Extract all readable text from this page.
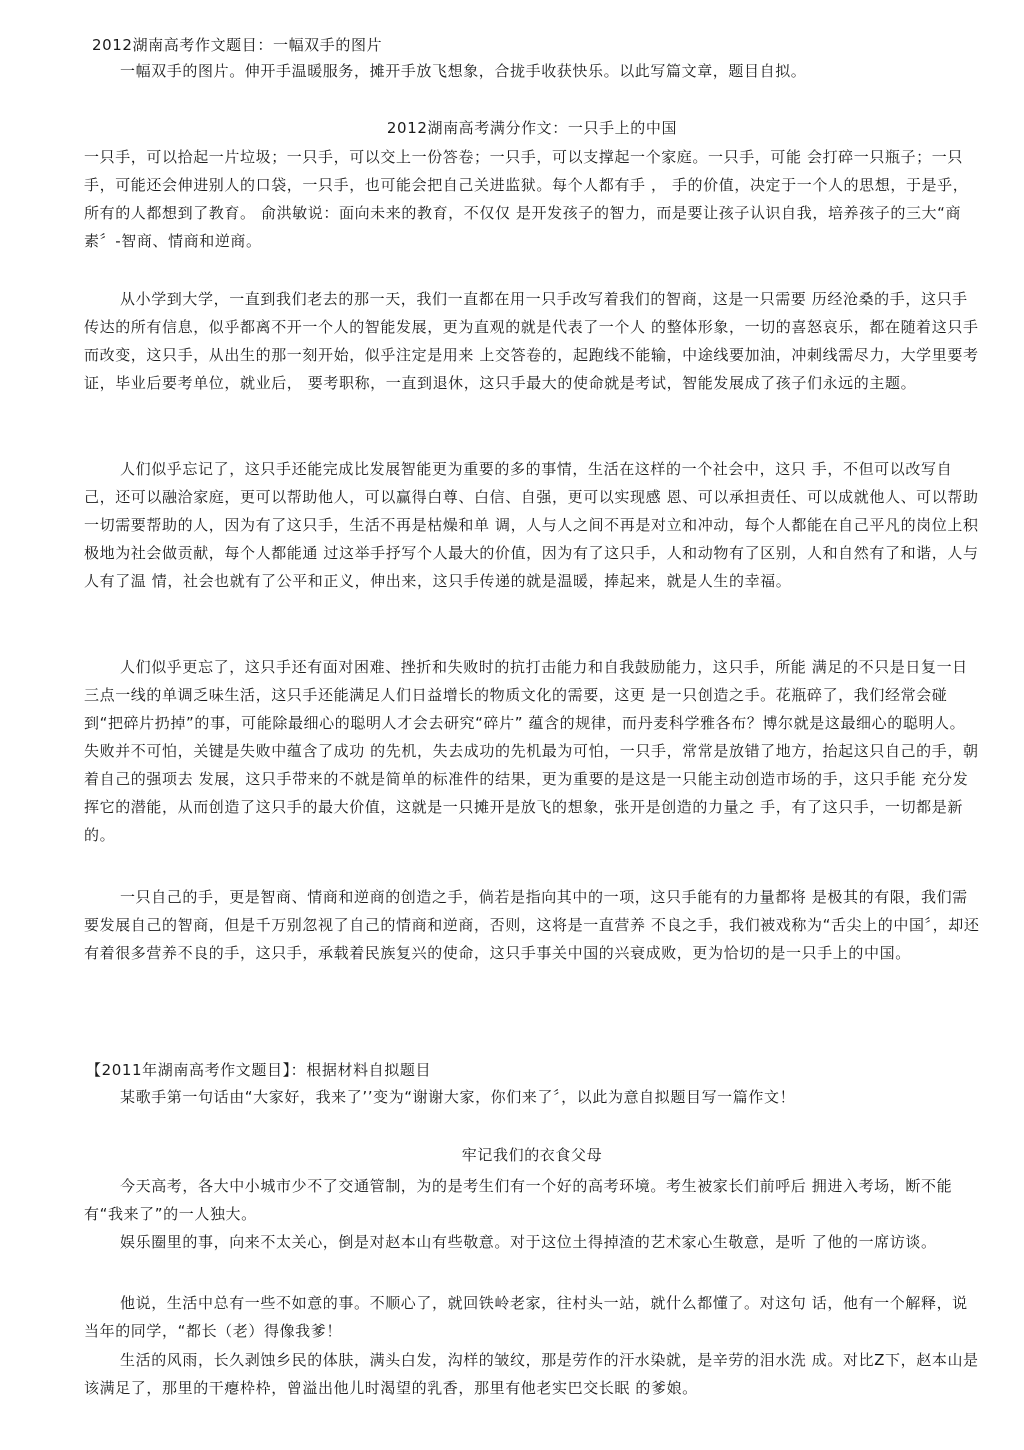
2012湖南高考作文题目：一幅双手的图片

一幅双手的图片。伸开手温暖服务，摊开手放飞想象，合拢手收获快乐。以此写篇文章，题目自拟。

2012湖南高考满分作文：一只手上的中国

一只手，可以拾起一片垃圾；一只手，可以交上一份答卷；一只手，可以支撑起一个家庭。一只手，可能 会打碎一只瓶子；一只手，可能还会伸进别人的口袋，一只手，也可能会把自己关进监狱。每个人都有手 ， 手的价值，决定于一个人的思想，于是乎，所有的人都想到了教育。 俞洪敏说：面向未来的教育，不仅仅 是开发孩子的智力，而是要让孩子认识自我，培养孩子的三大“商素〞-智商、情商和逆商。

从小学到大学，一直到我们老去的那一天，我们一直都在用一只手改写着我们的智商，这是一只需要 历经沧桑的手，这只手传达的所有信息，似乎都离不开一个人的智能发展，更为直观的就是代表了一个人 的整体形象，一切的喜怒哀乐，都在随着这只手而改变，这只手，从出生的那一刻开始，似乎注定是用来 上交答卷的，起跑线不能输，中途线要加油，冲刺线需尽力，大学里要考证，毕业后要考单位，就业后， 要考职称，一直到退休，这只手最大的使命就是考试，智能发展成了孩子们永远的主题。

人们似乎忘记了，这只手还能完成比发展智能更为重要的多的事情，生活在这样的一个社会中，这只 手，不但可以改写自己，还可以融洽家庭，更可以帮助他人，可以赢得白尊、白信、自强，更可以实现感 恩、可以承担责任、可以成就他人、可以帮助一切需要帮助的人，因为有了这只手，生活不再是枯燥和单 调，人与人之间不再是对立和冲动，每个人都能在自己平凡的岗位上积极地为社会做贡献，每个人都能通 过这举手抒写个人最大的价值，因为有了这只手，人和动物有了区别，人和自然有了和谐，人与人有了温 情，社会也就有了公平和正义，伸出来，这只手传递的就是温暖，捧起来，就是人生的幸福。

人们似乎更忘了，这只手还有面对困难、挫折和失败时的抗打击能力和自我鼓励能力，这只手，所能 满足的不只是日复一日三点一线的单调乏味生活，这只手还能满足人们日益增长的物质文化的需要，这更 是一只创造之手。花瓶碎了，我们经常会碰到“把碎片扔掉”的事，可能除最细心的聪明人才会去研究“碎片” 蕴含的规律，而丹麦科学雅各布？博尔就是这最细心的聪明人。失败并不可怕，关键是失败中蕴含了成功 的先机，失去成功的先机最为可怕，一只手，常常是放错了地方，抬起这只自己的手，朝着自己的强项去 发展，这只手带来的不就是简单的标准件的结果，更为重要的是这是一只能主动创造市场的手，这只手能 充分发挥它的潜能，从而创造了这只手的最大价值，这就是一只摊开是放飞的想象，张开是创造的力量之 手，有了这只手，一切都是新的。

一只自己的手，更是智商、情商和逆商的创造之手，倘若是指向其中的一项，这只手能有的力量都将 是极其的有限，我们需要发展自己的智商，但是千万别忽视了自己的情商和逆商，否则，这将是一直营养 不良之手，我们被戏称为“舌尖上的中国〞，却还有着很多营养不良的手，这只手，承载着民族复兴的使命，这只手事关中国的兴衰成败，更为恰切的是一只手上的中国。

【2011年湖南高考作文题目】：根据材料自拟题目

某歌手第一句话由“大家好，我来了’’变为“谢谢大家，你们来了〞，以此为意自拟题目写一篇作文！

牢记我们的衣食父母

今天高考，各大中小城市少不了交通管制，为的是考生们有一个好的高考环境。考生被家长们前呼后 拥进入考场，断不能有“我来了”的一人独大。

娱乐圈里的事，向来不太关心，倒是对赵本山有些敬意。对于这位土得掉渣的艺术家心生敬意，是听 了他的一席访谈。

他说，生活中总有一些不如意的事。不顺心了，就回铁岭老家，往村头一站，就什么都懂了。对这句 话，他有一个解释，说当年的同学，“都长（老）得像我爹！

生活的风雨，长久剥蚀乡民的体肤，满头白发，沟样的皱纹，那是劳作的汗水染就，是辛劳的泪水洗 成。对比Z下，赵本山是该满足了，那里的干瘪枠枠，曾溢出他儿时渴望的乳香，那里有他老实巴交长眠 的爹娘。
